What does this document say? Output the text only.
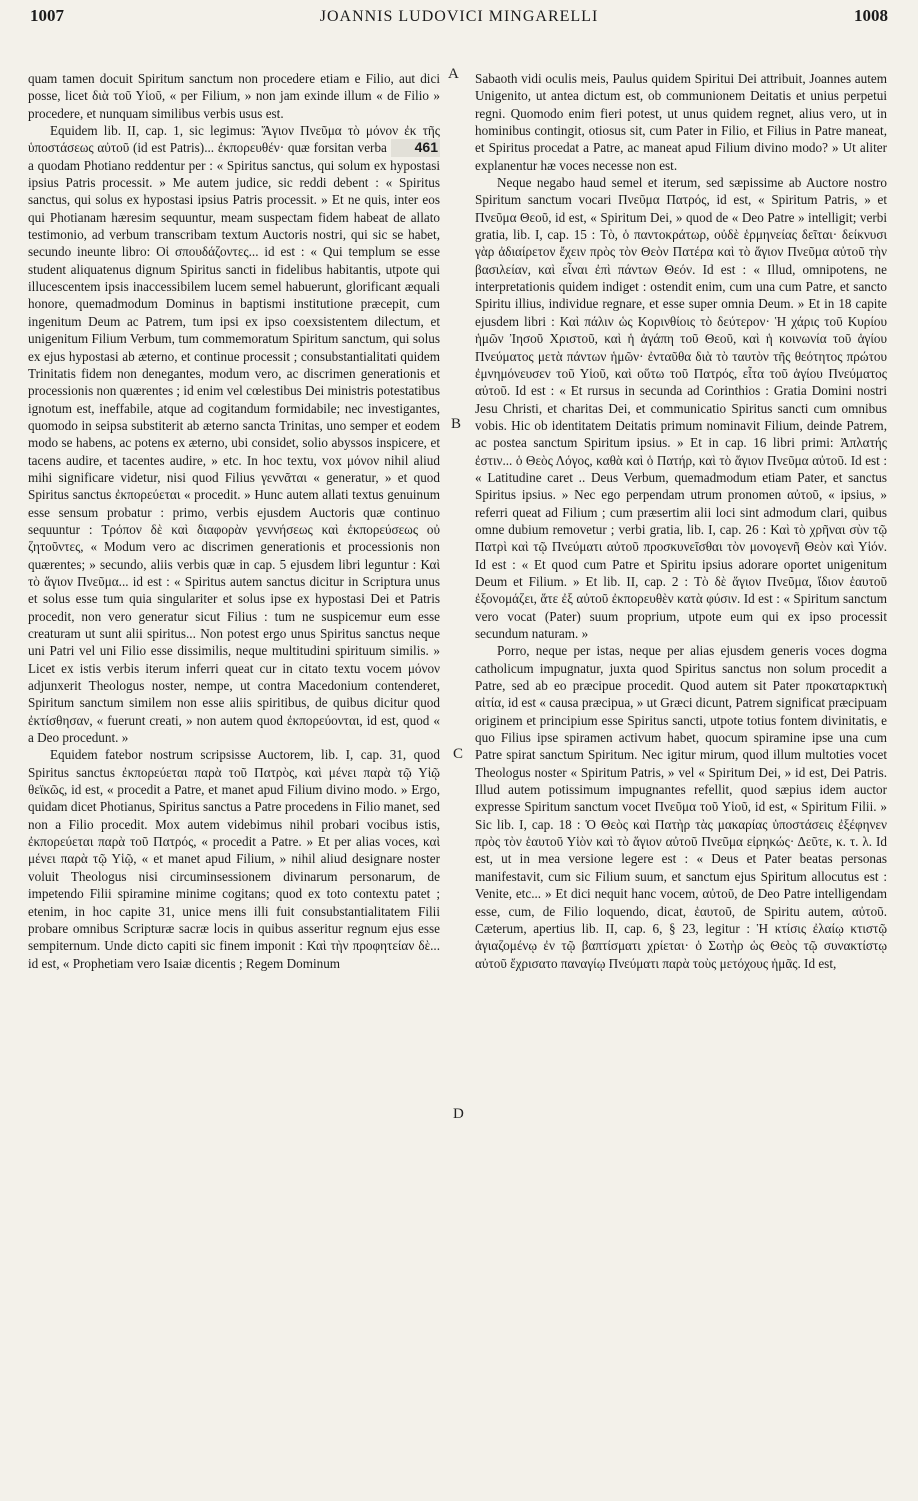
1007	JOANNIS LUDOVICI MINGARELLI	1008
A
B
C
D

quam tamen docuit Spiritum sanctum non procedere etiam e Filio, aut dici posse, licet διὰ τοῦ Υἱοῦ, « per Filium, » non jam exinde illum « de Filio » procedere, et nunquam similibus verbis usus est.

Equidem lib. II, cap. 1, sic legimus: Ἅγιον Πνεῦμα τὸ μόνον ἐκ τῆς ὑποστάσεως αὐτοῦ (id est Patris)... ἐκπορευθέν· quæ forsitan verba 461 a quodam Photiano reddentur per : « Spiritus sanctus, qui solum ex hypostasi ipsius Patris processit. » Me autem judice, sic reddi debent : « Spiritus sanctus, qui solus ex hypostasi ipsius Patris processit. » Et ne quis, inter eos qui Photianam hæresim sequuntur, meam suspectam fidem habeat de allato testimonio, ad verbum transcribam textum Auctoris nostri, qui sic se habet, secundo ineunte libro: Οἱ σπουδάζοντες... id est : « Qui templum se esse student aliquatenus dignum Spiritus sancti in fidelibus habitantis, utpote qui illucescentem ipsis inaccessibilem lucem semel habuerunt, glorificant æquali honore, quemadmodum Dominus in baptismi institutione præcepit, cum ingenitum Deum ac Patrem, tum ipsi ex ipso coexsistentem dilectum, et unigenitum Filium Verbum, tum commemoratum Spiritum sanctum, qui solus ex ejus hypostasi ab æterno, et continue processit ; consubstantialitati quidem Trinitatis fidem non denegantes, modum vero, ac discrimen generationis et processionis non quærentes ; id enim vel cœlestibus Dei ministris potestatibus ignotum est, ineffabile, atque ad cogitandum formidabile; nec investigantes, quomodo in seipsa substiterit ab æterno sancta Trinitas, uno semper et eodem modo se habens, ac potens ex æterno, ubi considet, solio abyssos inspicere, et tacens audire, et tacentes audire, » etc. In hoc textu, vox μόνον nihil aliud mihi significare videtur, nisi quod Filius γεννᾶται « generatur, » et quod Spiritus sanctus ἐκπορεύεται « procedit. » Hunc autem allati textus genuinum esse sensum probatur : primo, verbis ejusdem Auctoris quæ continuo sequuntur : Τρόπον δὲ καὶ διαφορὰν γεννήσεως καὶ ἐκπορεύσεως οὐ ζητοῦντες, « Modum vero ac discrimen generationis et processionis non quærentes; » secundo, aliis verbis quæ in cap. 5 ejusdem libri leguntur : Καὶ τὸ ἅγιον Πνεῦμα... id est : « Spiritus autem sanctus dicitur in Scriptura unus et solus esse tum quia singulariter et solus ipse ex hypostasi Dei et Patris procedit, non vero generatur sicut Filius : tum ne suspicemur eum esse creaturam ut sunt alii spiritus... Non potest ergo unus Spiritus sanctus neque uni Patri vel uni Filio esse dissimilis, neque multitudini spirituum similis. » Licet ex istis verbis iterum inferri queat cur in citato textu vocem μόνον adjunxerit Theologus noster, nempe, ut contra Macedonium contenderet, Spiritum sanctum similem non esse aliis spiritibus, de quibus dicitur quod ἐκτίσθησαν, « fuerunt creati, » non autem quod ἐκπορεύονται, id est, quod « a Deo procedunt. »

Equidem fatebor nostrum scripsisse Auctorem, lib. I, cap. 31, quod Spiritus sanctus ἐκπορεύεται παρὰ τοῦ Πατρὸς, καὶ μένει παρὰ τῷ Υἱῷ θεϊκῶς, id est, « procedit a Patre, et manet apud Filium divino modo. » Ergo, quidam dicet Photianus, Spiritus sanctus a Patre procedens in Filio manet, sed non a Filio procedit. Mox autem videbimus nihil probari vocibus istis, ἐκπορεύεται παρὰ τοῦ Πατρός, « procedit a Patre. » Et per alias voces, καὶ μένει παρὰ τῷ Υἱῷ, « et manet apud Filium, » nihil aliud designare noster voluit Theologus nisi circuminsessionem divinarum personarum, de impetendo Filii spiramine minime cogitans; quod ex toto contextu patet ; etenim, in hoc capite 31, unice mens illi fuit consubstantialitatem Filii probare omnibus Scripturæ sacræ locis in quibus asseritur regnum ejus esse sempiternum. Unde dicto capiti sic finem imponit : Καὶ τὴν προφητείαν δὲ... id est, « Prophetiam vero Isaiæ dicentis ; Regem Dominum

Sabaoth vidi oculis meis, Paulus quidem Spiritui Dei attribuit, Joannes autem Unigenito, ut antea dictum est, ob communionem Deitatis et unius perpetui regni. Quomodo enim fieri potest, ut unus quidem regnet, alius vero, ut in hominibus contingit, otiosus sit, cum Pater in Filio, et Filius in Patre maneat, et Spiritus procedat a Patre, ac maneat apud Filium divino modo? » Ut aliter explanentur hæ voces necesse non est.

Neque negabo haud semel et iterum, sed sæpissime ab Auctore nostro Spiritum sanctum vocari Πνεῦμα Πατρός, id est, « Spiritum Patris, » et Πνεῦμα Θεοῦ, id est, « Spiritum Dei, » quod de « Deo Patre » intelligit; verbi gratia, lib. I, cap. 15 : Τὸ, ὁ παντοκράτωρ, οὐδὲ ἑρμηνείας δεῖται· δείκνυσι γὰρ ἀδιαίρετον ἔχειν πρὸς τὸν Θεὸν Πατέρα καὶ τὸ ἅγιον Πνεῦμα αὐτοῦ τὴν βασιλείαν, καὶ εἶναι ἐπὶ πάντων Θεόν. Id est : « Illud, omnipotens, ne interpretationis quidem indiget : ostendit enim, cum una cum Patre, et sancto Spiritu illius, individue regnare, et esse super omnia Deum. » Et in 18 capite ejusdem libri : Καὶ πάλιν ὡς Κορινθίοις τὸ δεύτερον· Ἡ χάρις τοῦ Κυρίου ἡμῶν Ἰησοῦ Χριστοῦ, καὶ ἡ ἀγάπη τοῦ Θεοῦ, καὶ ἡ κοινωνία τοῦ ἁγίου Πνεύματος μετὰ πάντων ἡμῶν· ἐνταῦθα διὰ τὸ ταυτὸν τῆς θεότητος πρώτου ἐμνημόνευσεν τοῦ Υἱοῦ, καὶ οὕτω τοῦ Πατρός, εἶτα τοῦ ἁγίου Πνεύματος αὐτοῦ. Id est : « Et rursus in secunda ad Corinthios : Gratia Domini nostri Jesu Christi, et charitas Dei, et communicatio Spiritus sancti cum omnibus vobis. Hic ob identitatem Deitatis primum nominavit Filium, deinde Patrem, ac postea sanctum Spiritum ipsius. » Et in cap. 16 libri primi: Ἀπλατής ἐστιν... ὁ Θεὸς Λόγος, καθὰ καὶ ὁ Πατήρ, καὶ τὸ ἅγιον Πνεῦμα αὐτοῦ. Id est : « Latitudine caret .. Deus Verbum, quemadmodum etiam Pater, et sanctus Spiritus ipsius. » Nec ego perpendam utrum pronomen αὐτοῦ, « ipsius, » referri queat ad Filium ; cum præsertim alii loci sint admodum clari, quibus omne dubium removetur ; verbi gratia, lib. I, cap. 26 : Καὶ τὸ χρῆναι σὺν τῷ Πατρὶ καὶ τῷ Πνεύματι αὐτοῦ προσκυνεῖσθαι τὸν μονογενῆ Θεὸν καὶ Υἱόν. Id est : « Et quod cum Patre et Spiritu ipsius adorare oportet unigenitum Deum et Filium. » Et lib. II, cap. 2 : Τὸ δὲ ἅγιον Πνεῦμα, ἴδιον ἑαυτοῦ ἐξονομάζει, ἅτε ἐξ αὐτοῦ ἐκπορευθὲν κατὰ φύσιν. Id est : « Spiritum sanctum vero vocat (Pater) suum proprium, utpote eum qui ex ipso processit secundum naturam. »

Porro, neque per istas, neque per alias ejusdem generis voces dogma catholicum impugnatur, juxta quod Spiritus sanctus non solum procedit a Patre, sed ab eo præcipue procedit. Quod autem sit Pater προκαταρκτικὴ αἰτία, id est « causa præcipua, » ut Græci dicunt, Patrem significat præcipuam originem et principium esse Spiritus sancti, utpote totius fontem divinitatis, e quo Filius ipse spiramen activum habet, quocum spiramine ipse una cum Patre spirat sanctum Spiritum. Nec igitur mirum, quod illum multoties vocet Theologus noster « Spiritum Patris, » vel « Spiritum Dei, » id est, Dei Patris. Illud autem potissimum impugnantes refellit, quod sæpius idem auctor expresse Spiritum sanctum vocet Πνεῦμα τοῦ Υἱοῦ, id est, « Spiritum Filii. » Sic lib. I, cap. 18 : Ὁ Θεὸς καὶ Πατὴρ τὰς μακαρίας ὑποστάσεις ἐξέφηνεν πρὸς τὸν ἑαυτοῦ Υἱὸν καὶ τὸ ἅγιον αὐτοῦ Πνεῦμα εἰρηκώς· Δεῦτε, κ. τ. λ. Id est, ut in mea versione legere est : « Deus et Pater beatas personas manifestavit, cum sic Filium suum, et sanctum ejus Spiritum allocutus est : Venite, etc... » Et dici nequit hanc vocem, αὐτοῦ, de Deo Patre intelligendam esse, cum, de Filio loquendo, dicat, ἑαυτοῦ, de Spiritu autem, αὐτοῦ. Cæterum, apertius lib. II, cap. 6, § 23, legitur : Ἡ κτίσις ἐλαίῳ κτιστῷ ἁγιαζομένῳ ἐν τῷ βαπτίσματι χρίεται· ὁ Σωτὴρ ὡς Θεὸς τῷ συνακτίστῳ αὐτοῦ ἔχρισατο παναγίῳ Πνεύματι παρὰ τοὺς μετόχους ἡμᾶς. Id est,
